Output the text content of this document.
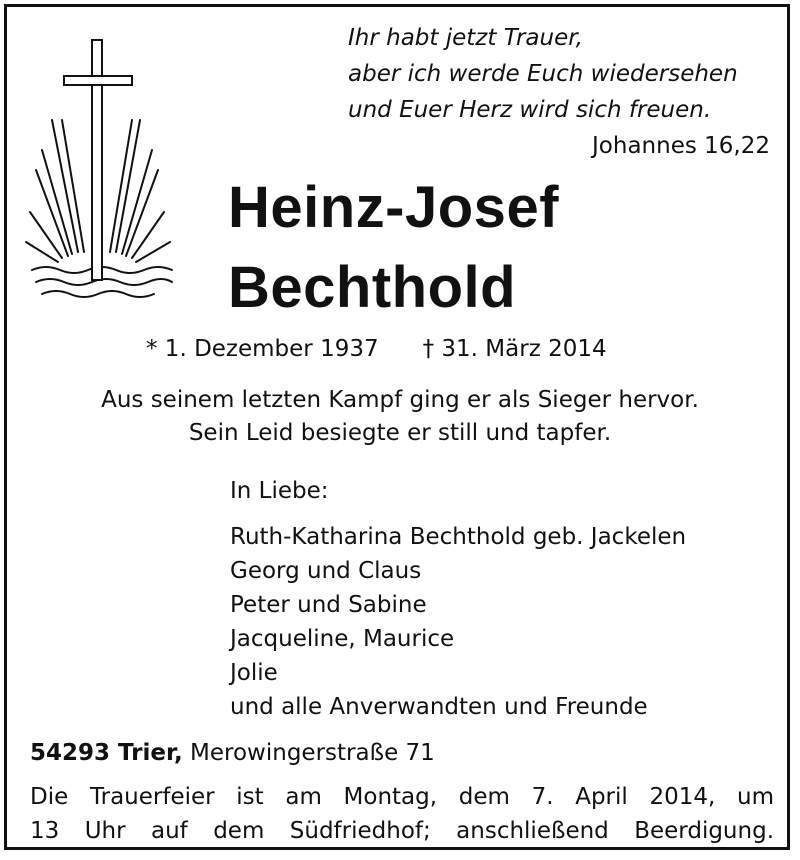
Ihr habt jetzt Trauer,
aber ich werde Euch wiedersehen
und Euer Herz wird sich freuen.
Johannes 16,22
Heinz-Josef
Bechthold
* 1. Dezember 1937 † 31. März 2014
Aus seinem letzten Kampf ging er als Sieger hervor.
Sein Leid besiegte er still und tapfer.
In Liebe:
Ruth-Katharina Bechthold geb. Jackelen
Georg und Claus
Peter und Sabine
Jacqueline, Maurice
Jolie
und alle Anverwandten und Freunde
54293 Trier, Merowingerstraße 71
Die Trauerfeier ist am Montag, dem 7. April 2014, um
13 Uhr auf dem Südfriedhof; anschließend Beerdigung.
